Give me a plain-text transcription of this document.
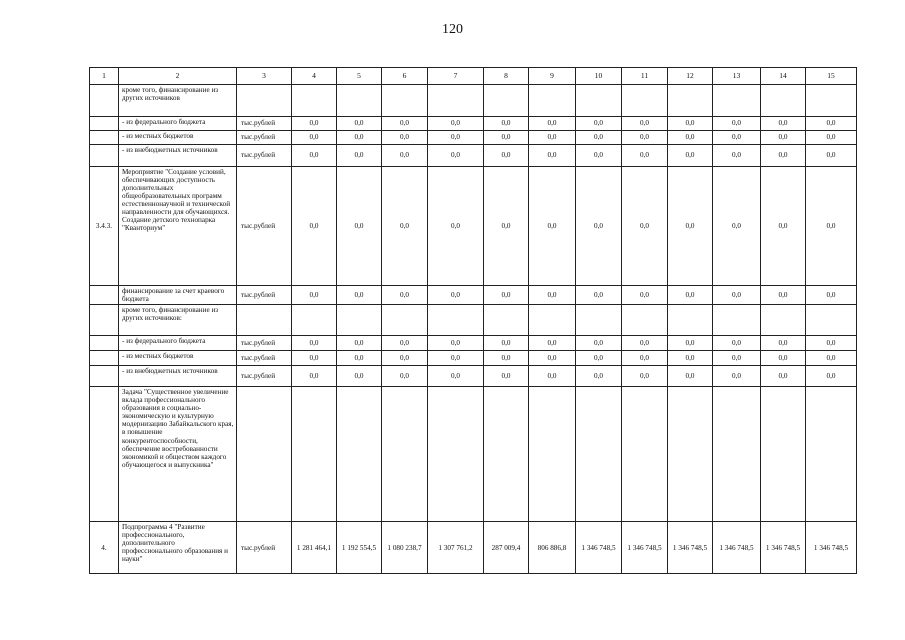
120
1	2	3	4	5	6	7	8	9	10	11	12	13	14	15
	кроме того, финансирование из других источников													
	- из федерального бюджета	тыс.рублей	0,0	0,0	0,0	0,0	0,0	0,0	0,0	0,0	0,0	0,0	0,0	0,0
	- из местных бюджетов	тыс.рублей	0,0	0,0	0,0	0,0	0,0	0,0	0,0	0,0	0,0	0,0	0,0	0,0
	- из внебюджетных источников	тыс.рублей	0,0	0,0	0,0	0,0	0,0	0,0	0,0	0,0	0,0	0,0	0,0	0,0
3.4.3.	Мероприятие "Создание условий, обеспечивающих доступность дополнительных общеобразовательных программ естественнонаучной и технической направленности для обучающихся. Создание детского технопарка "Кванториум"	тыс.рублей	0,0	0,0	0,0	0,0	0,0	0,0	0,0	0,0	0,0	0,0	0,0	0,0
	финансирование за счет краевого бюджета	тыс.рублей	0,0	0,0	0,0	0,0	0,0	0,0	0,0	0,0	0,0	0,0	0,0	0,0
	кроме того, финансирование из других источников:													
	- из федерального бюджета	тыс.рублей	0,0	0,0	0,0	0,0	0,0	0,0	0,0	0,0	0,0	0,0	0,0	0,0
	- из местных бюджетов	тыс.рублей	0,0	0,0	0,0	0,0	0,0	0,0	0,0	0,0	0,0	0,0	0,0	0,0
	- из внебюджетных источников	тыс.рублей	0,0	0,0	0,0	0,0	0,0	0,0	0,0	0,0	0,0	0,0	0,0	0,0
	Задача "Существенное увеличение вклада профессионального образования в социально-экономическую и культурную модернизацию Забайкальского края, в повышение конкурентоспособности, обеспечение востребованности экономикой и обществом каждого обучающегося и выпускника"													
4.	Подпрограмма 4 "Развитие профессионального, дополнительного профессионального образования и науки"	тыс.рублей	1 281 464,1	1 192 554,5	1 080 238,7	1 307 761,2	287 009,4	806 886,8	1 346 748,5	1 346 748,5	1 346 748,5	1 346 748,5	1 346 748,5	1 346 748,5
